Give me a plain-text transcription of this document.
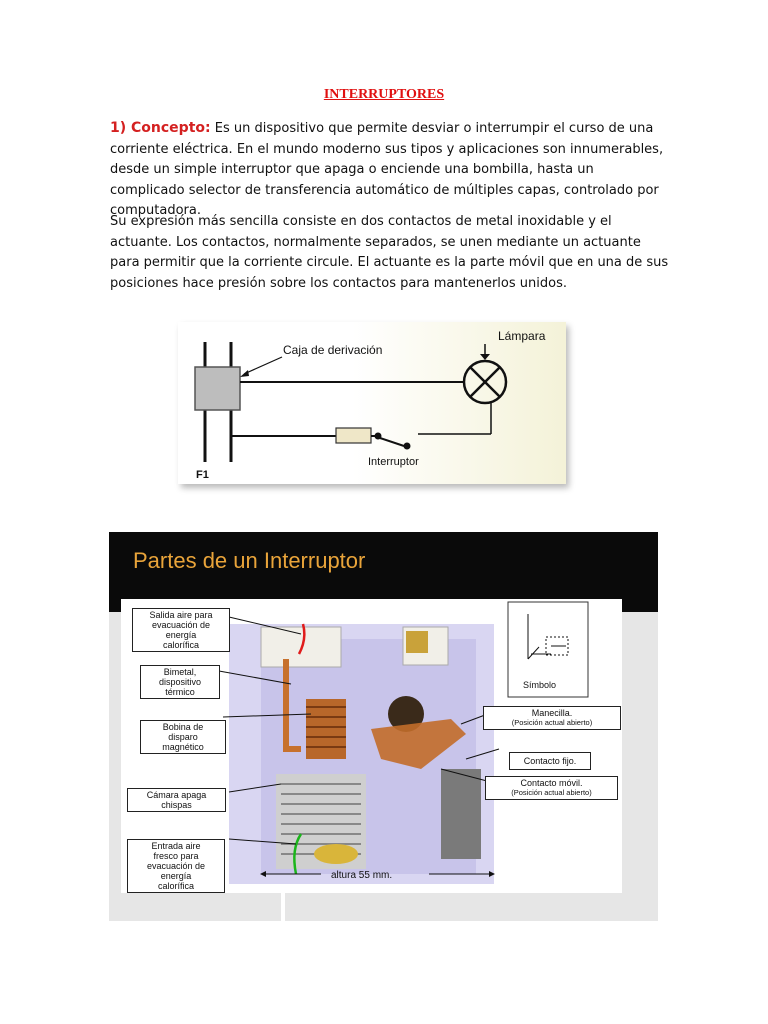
INTERRUPTORES
1) Concepto: Es un dispositivo que permite desviar o interrumpir el curso de una corriente eléctrica. En el mundo moderno sus tipos y aplicaciones son innumerables, desde un simple interruptor que apaga o enciende una bombilla, hasta un complicado selector de transferencia automático de múltiples capas, controlado por computadora.
Su expresión más sencilla consiste en dos contactos de metal inoxidable y el actuante. Los contactos, normalmente separados, se unen mediante un actuante para permitir que la corriente circule. El actuante es la parte móvil que en una de sus posiciones hace presión sobre los contactos para mantenerlos unidos.
Caja de derivación
Lámpara
Interruptor
F1
Partes de un Interruptor
altura 55 mm.
Símbolo
Salida aire para
evacuación de
energía
calorífica
Bimetal,
dispositivo
térmico
Bobina de
disparo
magnético
Cámara apaga
chispas
Entrada aire
fresco para
evacuación de
energía
calorífica
Manecilla.
(Posición actual abierto)
Contacto fijo.
Contacto móvil.
(Posición actual abierto)
